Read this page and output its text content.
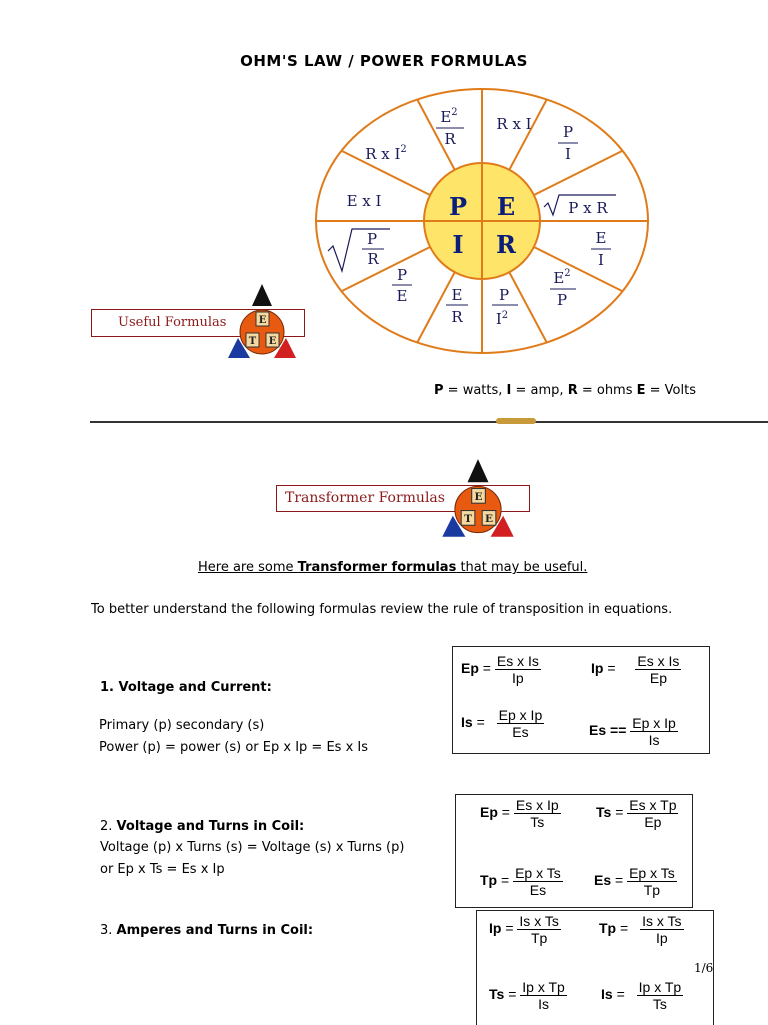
OHM'S LAW / POWER FORMULAS
P E
I R
$E^2$
R
R x I P
I
R x $I^2$
E x I	P x R
P
R
E
I
P
E	E
R
P
$I^2$
$E^2$
P
Useful Formulas	E
T E
P = watts, I = amp, R = ohms E = Volts
Transformer Formulas	E
T E
Here are some Transformer formulas that may be useful.
To better understand the following formulas review the rule of transposition in equations.
1. Voltage and Current:
Primary (p) secondary (s)
Power (p) = power (s) or Ep x Ip = Es x Is
$Ep = \frac{\text{Es x Is}}{Ip}$	$Ip = \frac{\text{Es x Is}}{Ep}$
$Is = \frac{\text{Ep x Ip}}{Es}$	$Es == \frac{\text{Ep x Ip}}{Is}$
2. Voltage and Turns in Coil:
Voltage (p) x Turns (s) = Voltage (s) x Turns (p)
or Ep x Ts = Es x Ip
$Ep = \frac{\text{Es x Ip}}{Ts}$	$Ts = \frac{\text{Es x Tp}}{Ep}$
$Tp = \frac{\text{Ep x Ts}}{Es}$ $Es = \frac{\text{Ep x Ts}}{Tp}$
3. Amperes and Turns in Coil:	$Ip = \frac{\text{Is x Ts}}{Tp}$	$Tp = \frac{\text{Is x Ts}}{Ip}$
$Ts = \frac{\text{Ip x Tp}}{Is}$ $Is = \frac{\text{Ip x Tp}}{Ts}$
1/6
